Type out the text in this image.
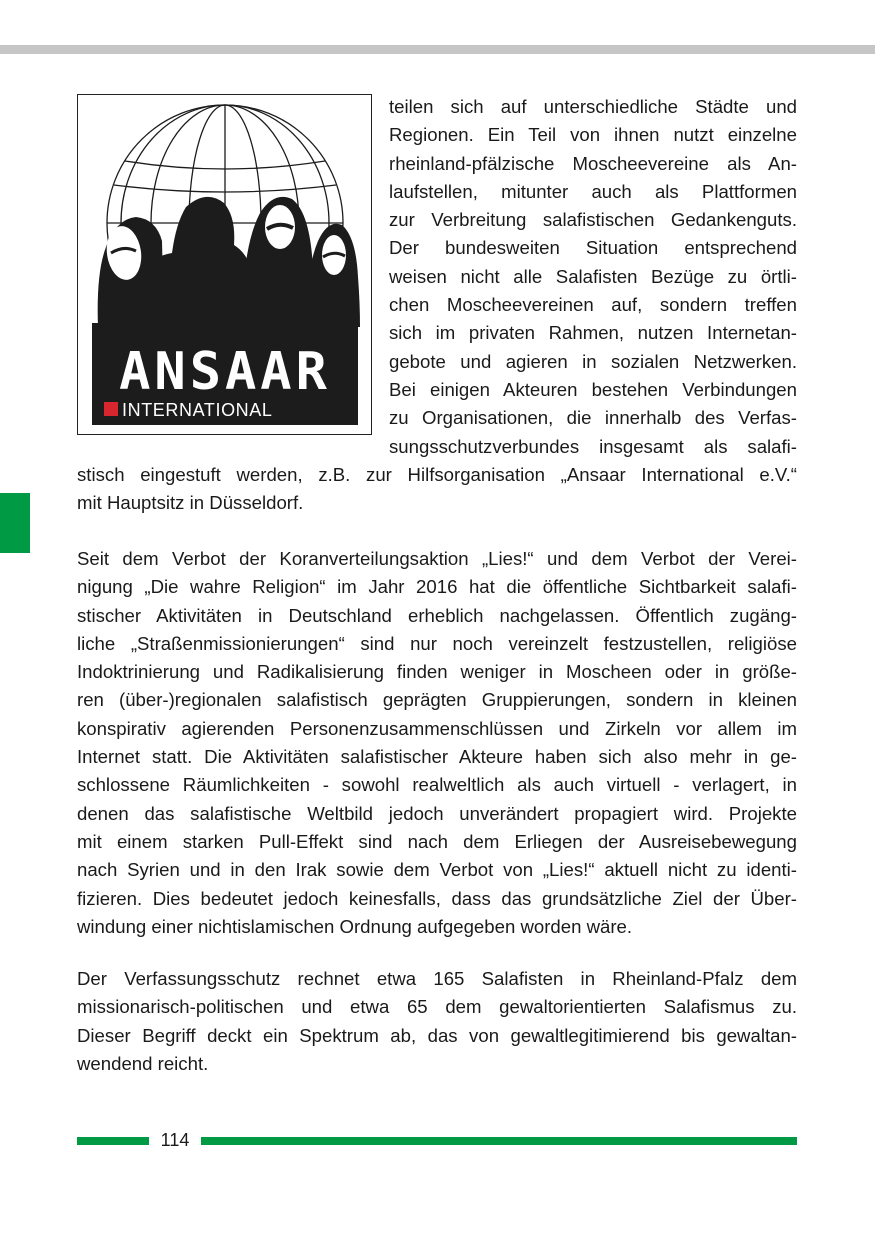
ANSAAR
INTERNATIONAL
teilen sich auf unterschiedliche Städte und
Regionen. Ein Teil von ihnen nutzt einzelne
rheinland-pfälzische Moscheevereine als An-
laufstellen, mitunter auch als Plattformen
zur Verbreitung salafistischen Gedankenguts.
Der bundesweiten Situation entsprechend
weisen nicht alle Salafisten Bezüge zu örtli-
chen Moscheevereinen auf, sondern treffen
sich im privaten Rahmen, nutzen Internetan-
gebote und agieren in sozialen Netzwerken.
Bei einigen Akteuren bestehen Verbindungen
zu Organisationen, die innerhalb des Verfas-
sungsschutzverbundes insgesamt als salafi-
stisch eingestuft werden, z.B. zur Hilfsorganisation „Ansaar International e.V.“
mit Hauptsitz in Düsseldorf.
Seit dem Verbot der Koranverteilungsaktion „Lies!“ und dem Verbot der Verei-
nigung „Die wahre Religion“ im Jahr 2016 hat die öffentliche Sichtbarkeit salafi-
stischer Aktivitäten in Deutschland erheblich nachgelassen. Öffentlich zugäng-
liche „Straßenmissionierungen“ sind nur noch vereinzelt festzustellen, religiöse
Indoktrinierung und Radikalisierung finden weniger in Moscheen oder in größe-
ren (über-)regionalen salafistisch geprägten Gruppierungen, sondern in kleinen
konspirativ agierenden Personenzusammenschlüssen und Zirkeln vor allem im
Internet statt. Die Aktivitäten salafistischer Akteure haben sich also mehr in ge-
schlossene Räumlichkeiten - sowohl realweltlich als auch virtuell - verlagert, in
denen das salafistische Weltbild jedoch unverändert propagiert wird. Projekte
mit einem starken Pull-Effekt sind nach dem Erliegen der Ausreisebewegung
nach Syrien und in den Irak sowie dem Verbot von „Lies!“ aktuell nicht zu identi-
fizieren. Dies bedeutet jedoch keinesfalls, dass das grundsätzliche Ziel der Über-
windung einer nichtislamischen Ordnung aufgegeben worden wäre.
Der Verfassungsschutz rechnet etwa 165 Salafisten in Rheinland-Pfalz dem
missionarisch-politischen und etwa 65 dem gewaltorientierten Salafismus zu.
Dieser Begriff deckt ein Spektrum ab, das von gewaltlegitimierend bis gewaltan-
wendend reicht.
114
